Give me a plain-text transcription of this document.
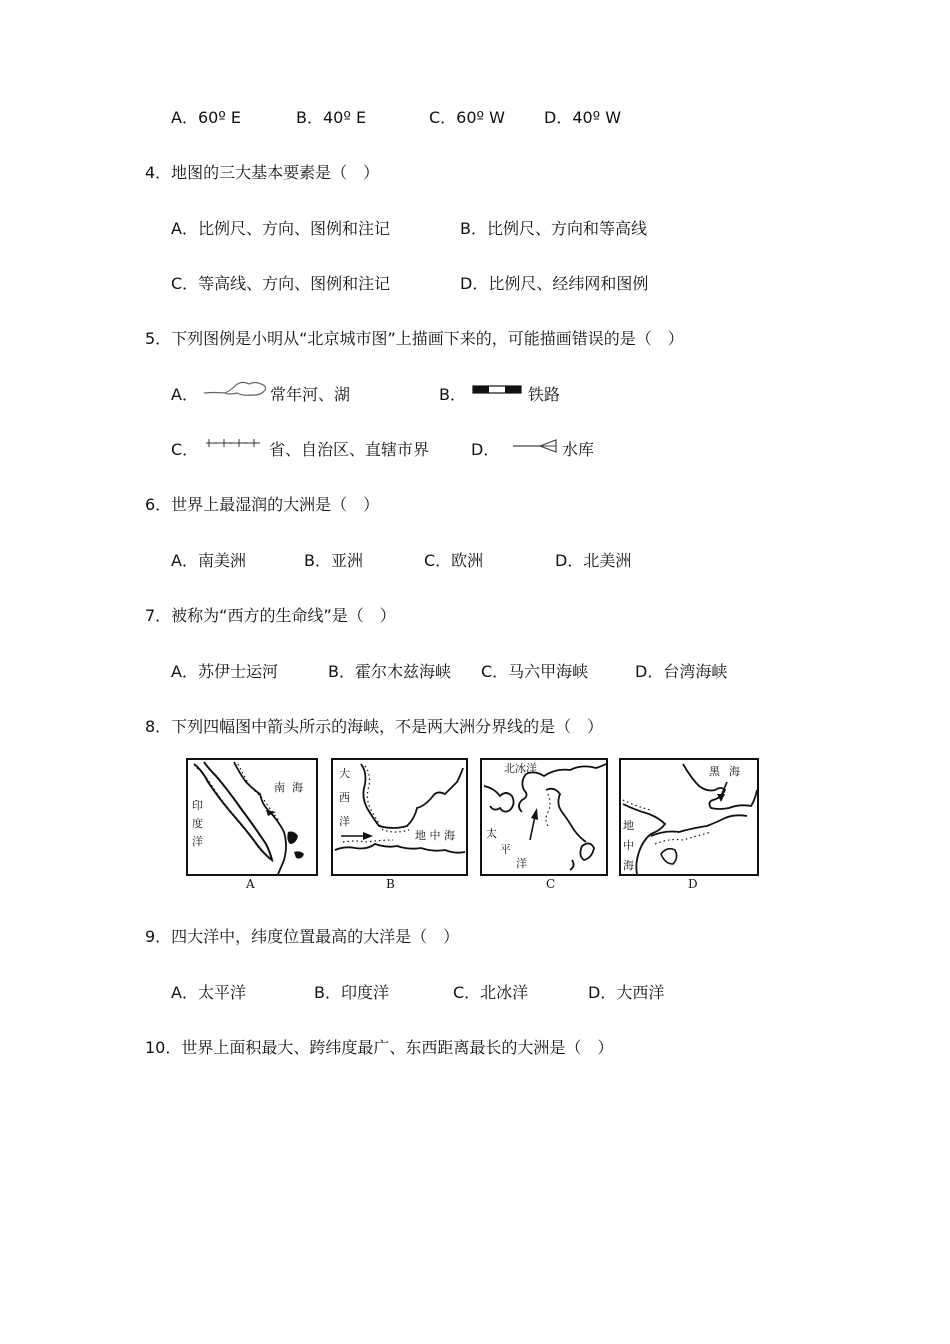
A．60º E	B．40º E	C．60º W D．40º W
4．地图的三大基本要素是（　）
A．比例尺、方向、图例和注记	B．比例尺、方向和等高线
C．等高线、方向、图例和注记	D．比例尺、经纬网和图例
5．下列图例是小明从“北京城市图”上描画下来的，可能描画错误的是（　）
A．	常年河、湖	B．	铁路
C．	省、自治区、直辖市界	D．	水库
6．世界上最湿润的大洲是（　）
A．南美洲	B．亚洲	C．欧洲	D．北美洲
7．被称为“西方的生命线”是（　）
A．苏伊士运河	B．霍尔木兹海峡 C．马六甲海峡	D．台湾海峡
8．下列四幅图中箭头所示的海峡，不是两大洲分界线的是（　）
南 海
印
度
洋
A
大
西
洋
地 中 海
B
北冰洋
太
平
洋
C
黑 海
地
中
海
D
9．四大洋中，纬度位置最高的大洋是（　）
A．太平洋	B．印度洋	C．北冰洋	D．大西洋
10．世界上面积最大、跨纬度最广、东西距离最长的大洲是（　）
